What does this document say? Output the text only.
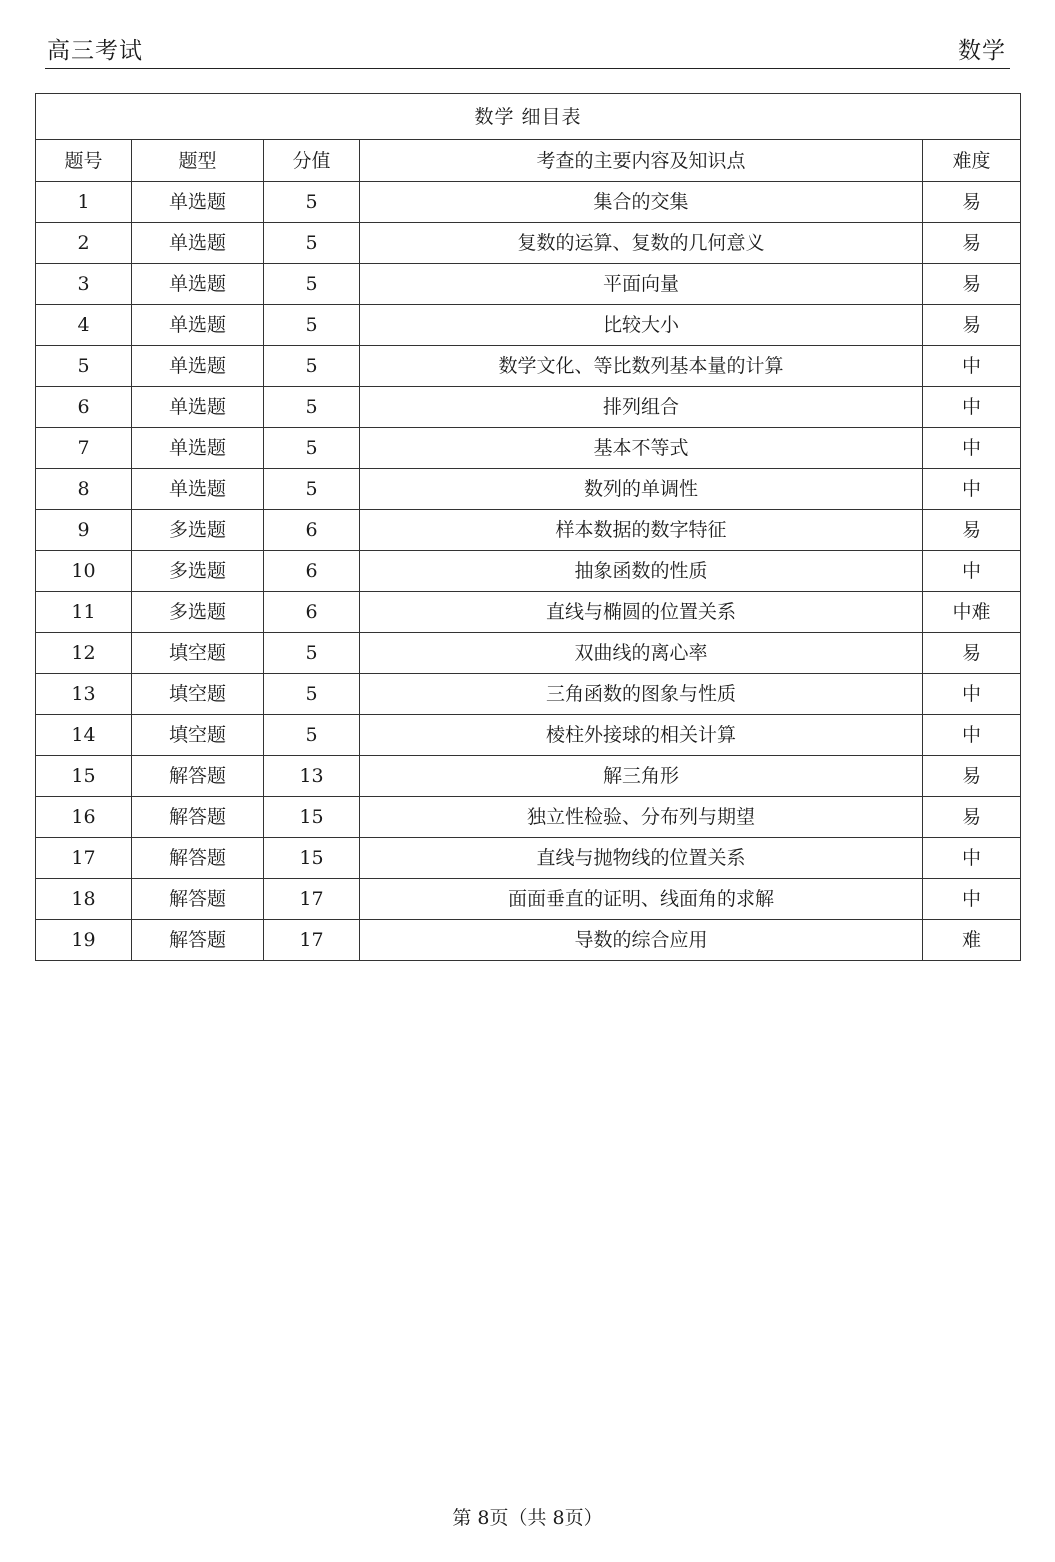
高三考试	数学
数学 细目表				
题号	题型	分值	考查的主要内容及知识点	难度
1	单选题	5	集合的交集	易
2	单选题	5	复数的运算、复数的几何意义	易
3	单选题	5	平面向量	易
4	单选题	5	比较大小	易
5	单选题	5	数学文化、等比数列基本量的计算	中
6	单选题	5	排列组合	中
7	单选题	5	基本不等式	中
8	单选题	5	数列的单调性	中
9	多选题	6	样本数据的数字特征	易
10	多选题	6	抽象函数的性质	中
11	多选题	6	直线与椭圆的位置关系	中难
12	填空题	5	双曲线的离心率	易
13	填空题	5	三角函数的图象与性质	中
14	填空题	5	棱柱外接球的相关计算	中
15	解答题	13	解三角形	易
16	解答题	15	独立性检验、分布列与期望	易
17	解答题	15	直线与抛物线的位置关系	中
18	解答题	17	面面垂直的证明、线面角的求解	中
19	解答题	17	导数的综合应用	难
第 8页（共 8页）
